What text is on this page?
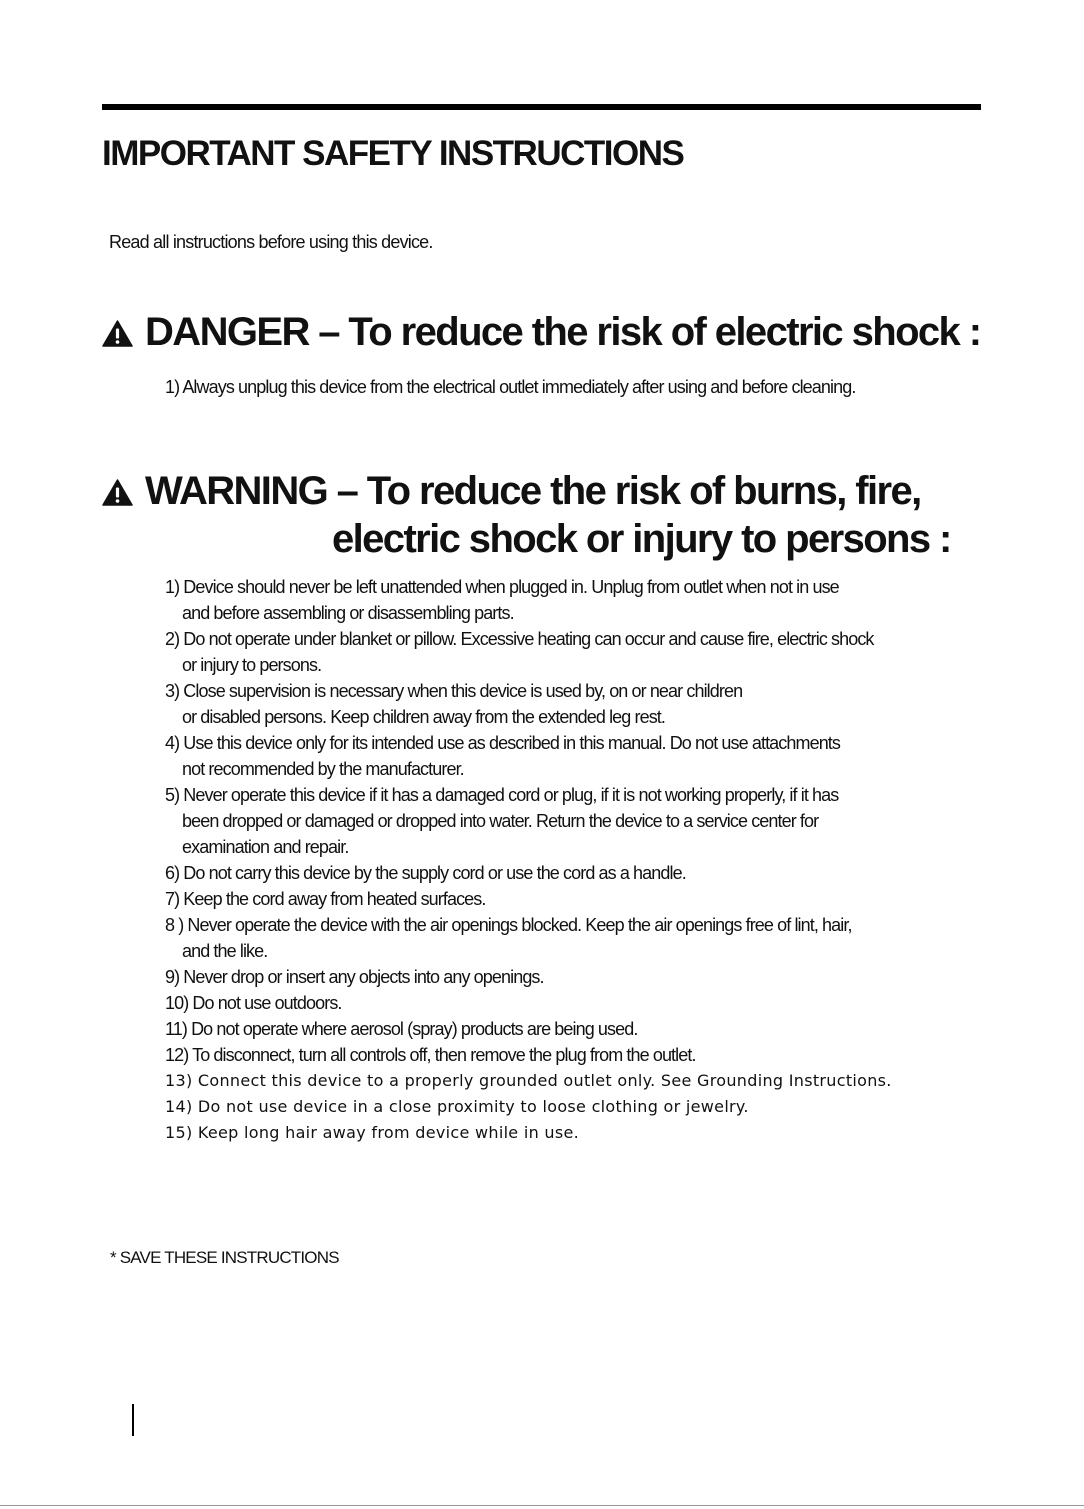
IMPORTANT SAFETY INSTRUCTIONS
Read all instructions before using this device.
DANGER – To reduce the risk of electric shock :
1) Always unplug this device from the electrical outlet immediately after using and before cleaning.
WARNING – To reduce the risk of burns, fire,
electric shock or injury to persons :
1) Device should never be left unattended when plugged in. Unplug from outlet when not in use
and before assembling or disassembling parts.
2) Do not operate under blanket or pillow. Excessive heating can occur and cause fire, electric shock
or injury to persons.
3) Close supervision is necessary when this device is used by, on or near children
or disabled persons. Keep children away from the extended leg rest.
4) Use this device only for its intended use as described in this manual. Do not use attachments
not recommended by the manufacturer.
5) Never operate this device if it has a damaged cord or plug, if it is not working properly, if it has
been dropped or damaged or dropped into water. Return the device to a service center for
examination and repair.
6) Do not carry this device by the supply cord or use the cord as a handle.
7) Keep the cord away from heated surfaces.
8 ) Never operate the device with the air openings blocked. Keep the air openings free of lint, hair,
and the like.
9) Never drop or insert any objects into any openings.
10) Do not use outdoors.
11) Do not operate where aerosol (spray) products are being used.
12) To disconnect, turn all controls off, then remove the plug from the outlet.
13) Connect this device to a properly grounded outlet only. See Grounding Instructions.
14) Do not use device in a close proximity to loose clothing or jewelry.
15) Keep long hair away from device while in use.
* SAVE THESE INSTRUCTIONS
